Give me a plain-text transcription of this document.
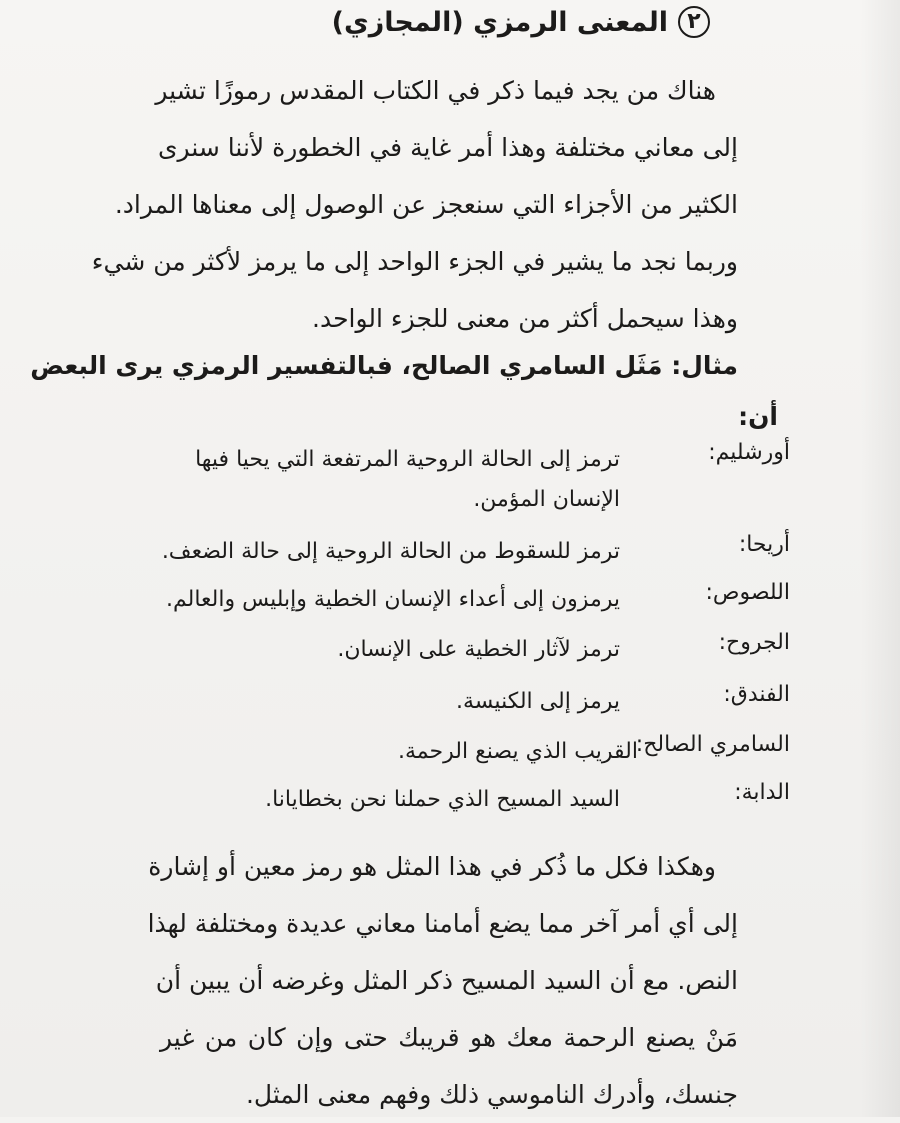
٢
المعنى الرمزي (المجازي)
هناك من يجد فيما ذكر في الكتاب المقدس رموزًا تشير
إلى معاني مختلفة وهذا أمر غاية في الخطورة لأننا سنرى
الكثير من الأجزاء التي سنعجز عن الوصول إلى معناها المراد.
وربما نجد ما يشير في الجزء الواحد إلى ما يرمز لأكثر من شيء
وهذا سيحمل أكثر من معنى للجزء الواحد.
مثال: مَثَل السامري الصالح، فبالتفسير الرمزي يرى البعض
أن:
أورشليم:
ترمز إلى الحالة الروحية المرتفعة التي يحيا فيها الإنسان المؤمن.
أريحا:
ترمز للسقوط من الحالة الروحية إلى حالة الضعف.
اللصوص:
يرمزون إلى أعداء الإنسان الخطية وإبليس والعالم.
الجروح:
ترمز لآثار الخطية على الإنسان.
الفندق:
يرمز إلى الكنيسة.
السامري الصالح:
القريب الذي يصنع الرحمة.
الدابة:
السيد المسيح الذي حملنا نحن بخطايانا.
وهكذا فكل ما ذُكر في هذا المثل هو رمز معين أو إشارة
إلى أي أمر آخر مما يضع أمامنا معاني عديدة ومختلفة لهذا
النص. مع أن السيد المسيح ذكر المثل وغرضه أن يبين أن
مَنْ يصنع الرحمة معك هو قريبك حتى وإن كان من غير
جنسك، وأدرك الناموسي ذلك وفهم معنى المثل.
